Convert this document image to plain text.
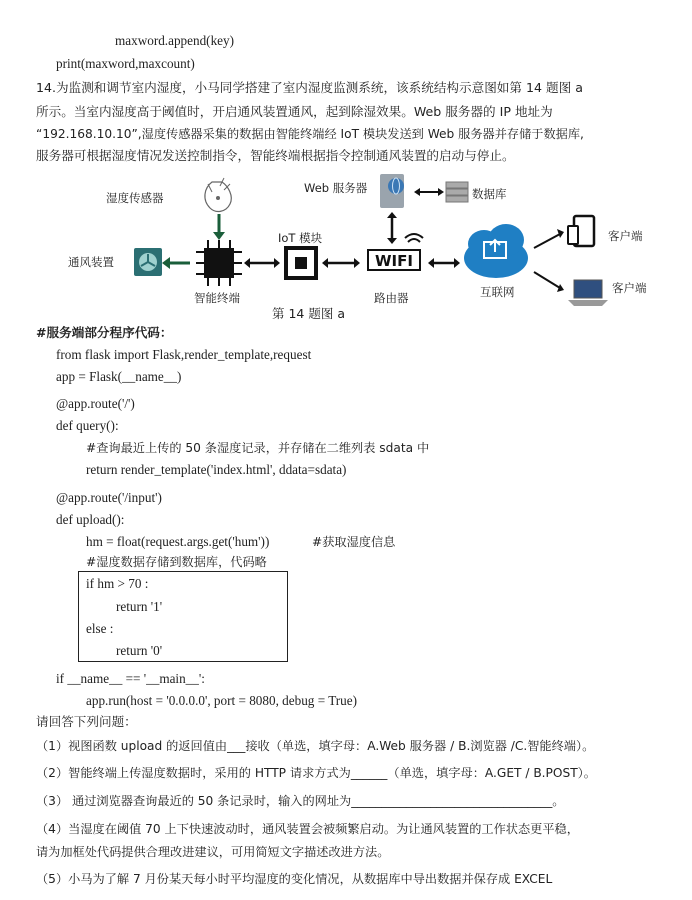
maxword.append(key)
print(maxword,maxcount)
14.为监测和调节室内湿度，小马同学搭建了室内湿度监测系统，该系统结构示意图如第 14 题图 a
所示。当室内湿度高于阈值时，开启通风装置通风，起到除湿效果。Web 服务器的 IP 地址为
“192.168.10.10”,湿度传感器采集的数据由智能终端经 IoT 模块发送到 Web 服务器并存储于数据库,
服务器可根据湿度情况发送控制指令，智能终端根据指令控制通风装置的启动与停止。
WIFI
湿度传感器
通风装置
智能终端
IoT 模块
路由器
Web 服务器	数据库
互联网
客户端
客户端
第 14 题图 a
#服务端部分程序代码：
from flask import Flask,render_template,request
app = Flask(__name__)
@app.route('/')
def query():
#查询最近上传的 50 条湿度记录，并存储在二维列表 sdata 中
return render_template('index.html', ddata=sdata)
@app.route('/input')
def upload():
hm = float(request.args.get('hum'))	#获取湿度信息
#湿度数据存储到数据库，代码略
if hm > 70 :
return '1'
else :
return '0'
if __name__ == '__main__':
app.run(host = '0.0.0.0', port = 8080, debug = True)
请回答下列问题：
（1）视图函数 upload 的返回值由___接收（单选，填字母：A.Web 服务器 / B.浏览器 /C.智能终端）。
（2）智能终端上传湿度数据时，采用的 HTTP 请求方式为______（单选，填字母：A.GET / B.POST）。
（3） 通过浏览器查询最近的 50 条记录时，输入的网址为_________________________________。
（4）当湿度在阈值 70 上下快速波动时，通风装置会被频繁启动。为让通风装置的工作状态更平稳，
请为加框处代码提供合理改进建议，可用简短文字描述改进方法。
（5）小马为了解 7 月份某天每小时平均湿度的变化情况，从数据库中导出数据并保存成 EXCEL
